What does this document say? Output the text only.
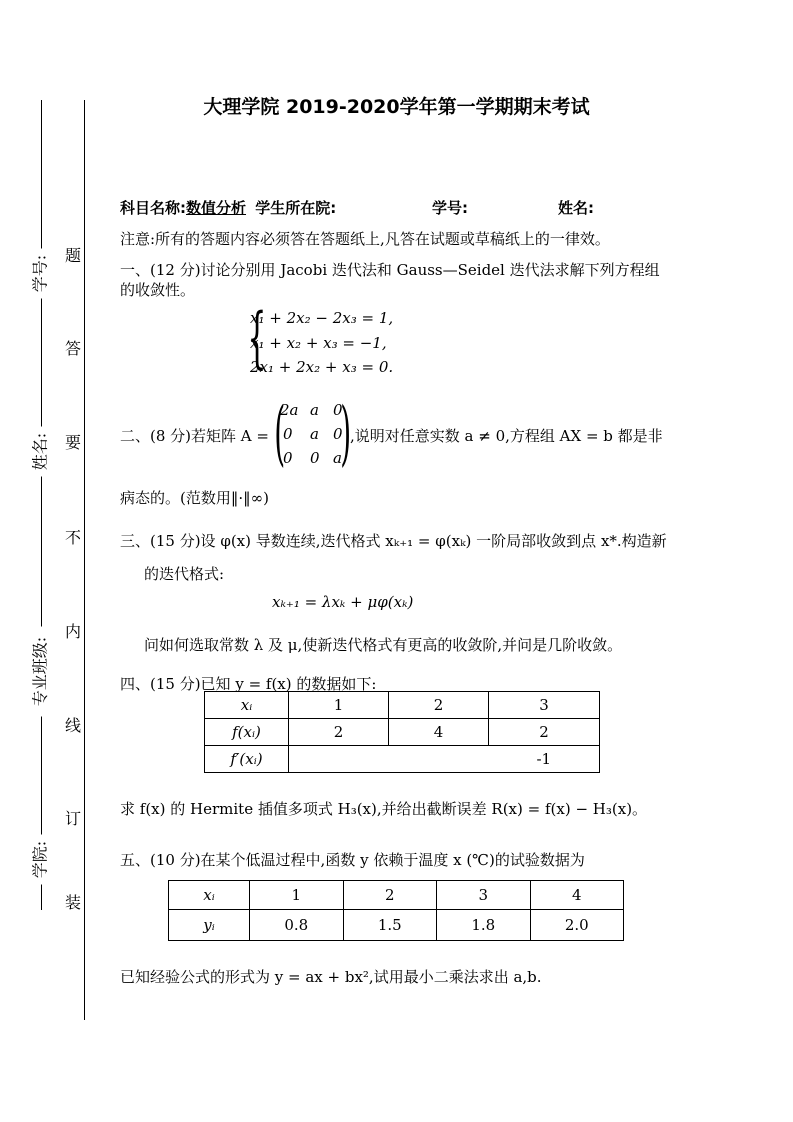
学号:
姓名:
专业班级:
学院:
题
答
要
不
内
线
订
装
大理学院 2019-2020学年第一学期期末考试
科目名称:数值分析 学生所在院:	学号:	姓名:
注意:所有的答题内容必须答在答题纸上,凡答在试题或草稿纸上的一律效。
一、(12 分)讨论分别用 Jacobi 迭代法和 Gauss—Seidel 迭代法求解下列方程组
的收敛性。
{
x₁ + 2x₂ − 2x₃ = 1,
x₁ + x₂ + x₃ = −1,
2x₁ + 2x₂ + x₃ = 0.
二、(8 分)若矩阵 A = ( )
2a a 0
0 a 0
0 0 a
,说明对任意实数 a ≠ 0,方程组 AX = b 都是非
病态的。(范数用‖·‖∞)
三、(15 分)设 φ(x) 导数连续,迭代格式 xₖ₊₁ = φ(xₖ) 一阶局部收敛到点 x*.构造新
的迭代格式:
xₖ₊₁ = λxₖ + μφ(xₖ)
问如何选取常数 λ 及 μ,使新迭代格式有更高的收敛阶,并问是几阶收敛。
四、(15 分)已知 y = f(x) 的数据如下:
xᵢ	1	2	3
f(xᵢ)	2	4	2
f′(xᵢ)			-1
求 f(x) 的 Hermite 插值多项式 H₃(x),并给出截断误差 R(x) = f(x) − H₃(x)。
五、(10 分)在某个低温过程中,函数 y 依赖于温度 x (℃)的试验数据为
xᵢ	1	2	3	4
yᵢ	0.8	1.5	1.8	2.0
已知经验公式的形式为 y = ax + bx²,试用最小二乘法求出 a,b.
